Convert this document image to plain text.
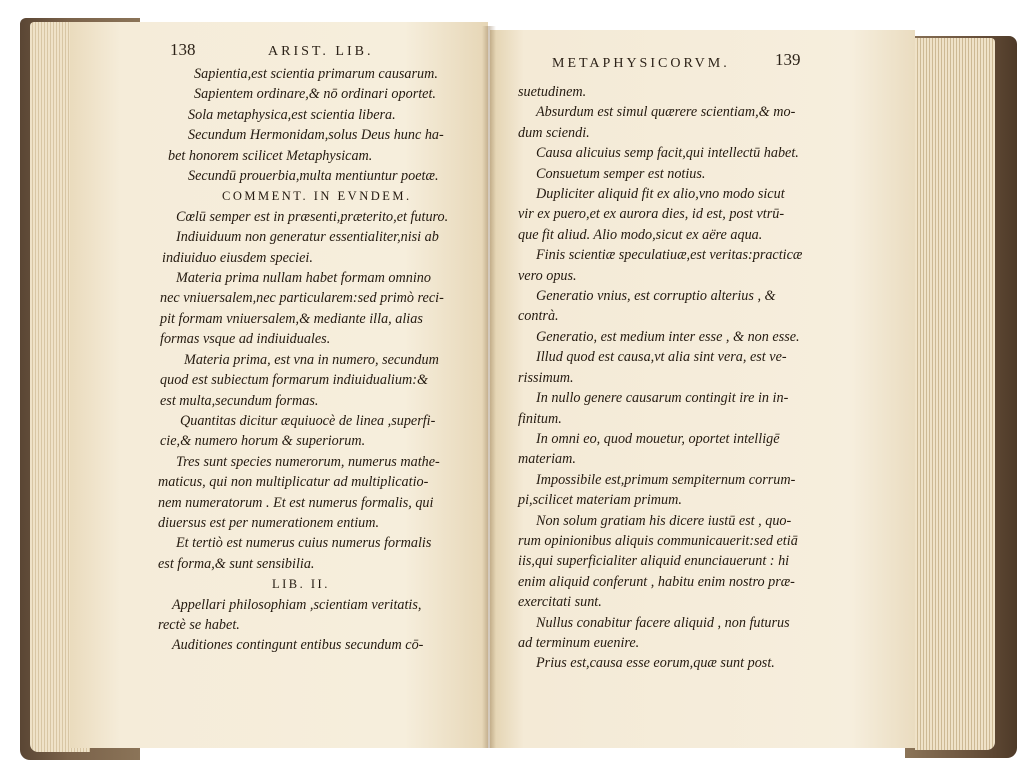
138	ARIST. LIB.
Sapientia,est scientia primarum causarum.
Sapientem ordinare,& nō ordinari oportet.
Sola metaphysica,est scientia libera.
Secundum Hermonidam,solus Deus hunc ha-
bet honorem scilicet Metaphysicam.
Secundū prouerbia,multa mentiuntur poetæ.
COMMENT. IN EVNDEM.
Cœlū semper est in præsenti,præterito,et futuro.
Indiuiduum non generatur essentialiter,nisi ab
indiuiduo eiusdem speciei.
Materia prima nullam habet formam omnino
nec vniuersalem,nec particularem:sed primò reci-
pit formam vniuersalem,& mediante illa, alias
formas vsque ad indiuiduales.
Materia prima, est vna in numero, secundum
quod est subiectum formarum indiuidualium:&
est multa,secundum formas.
Quantitas dicitur æquiuocè de linea ,superfi-
cie,& numero horum & superiorum.
Tres sunt species numerorum, numerus mathe-
maticus, qui non multiplicatur ad multiplicatio-
nem numeratorum . Et est numerus formalis, qui
diuersus est per numerationem entium.
Et tertiò est numerus cuius numerus formalis
est forma,& sunt sensibilia.
LIB. II.
Appellari philosophiam ,scientiam veritatis,
rectè se habet.
Auditiones contingunt entibus secundum cō-
METAPHYSICORVM.	139
suetudinem.
Absurdum est simul quærere scientiam,& mo-
dum sciendi.
Causa alicuius semp facit,qui intellectū habet.
Consuetum semper est notius.
Dupliciter aliquid fit ex alio,vno modo sicut
vir ex puero,et ex aurora dies, id est, post vtrū-
que fit aliud. Alio modo,sicut ex aëre aqua.
Finis scientiæ speculatiuæ,est veritas:practicæ
vero opus.
Generatio vnius, est corruptio alterius , &
contrà.
Generatio, est medium inter esse , & non esse.
Illud quod est causa,vt alia sint vera, est ve-
rissimum.
In nullo genere causarum contingit ire in in-
finitum.
In omni eo, quod mouetur, oportet intelligē
materiam.
Impossibile est,primum sempiternum corrum-
pi,scilicet materiam primum.
Non solum gratiam his dicere iustū est , quo-
rum opinionibus aliquis communicauerit:sed etiā
iis,qui superficialiter aliquid enunciauerunt : hi
enim aliquid conferunt , habitu enim nostro præ-
exercitati sunt.
Nullus conabitur facere aliquid , non futurus
ad terminum euenire.
Prius est,causa esse eorum,quæ sunt post.
